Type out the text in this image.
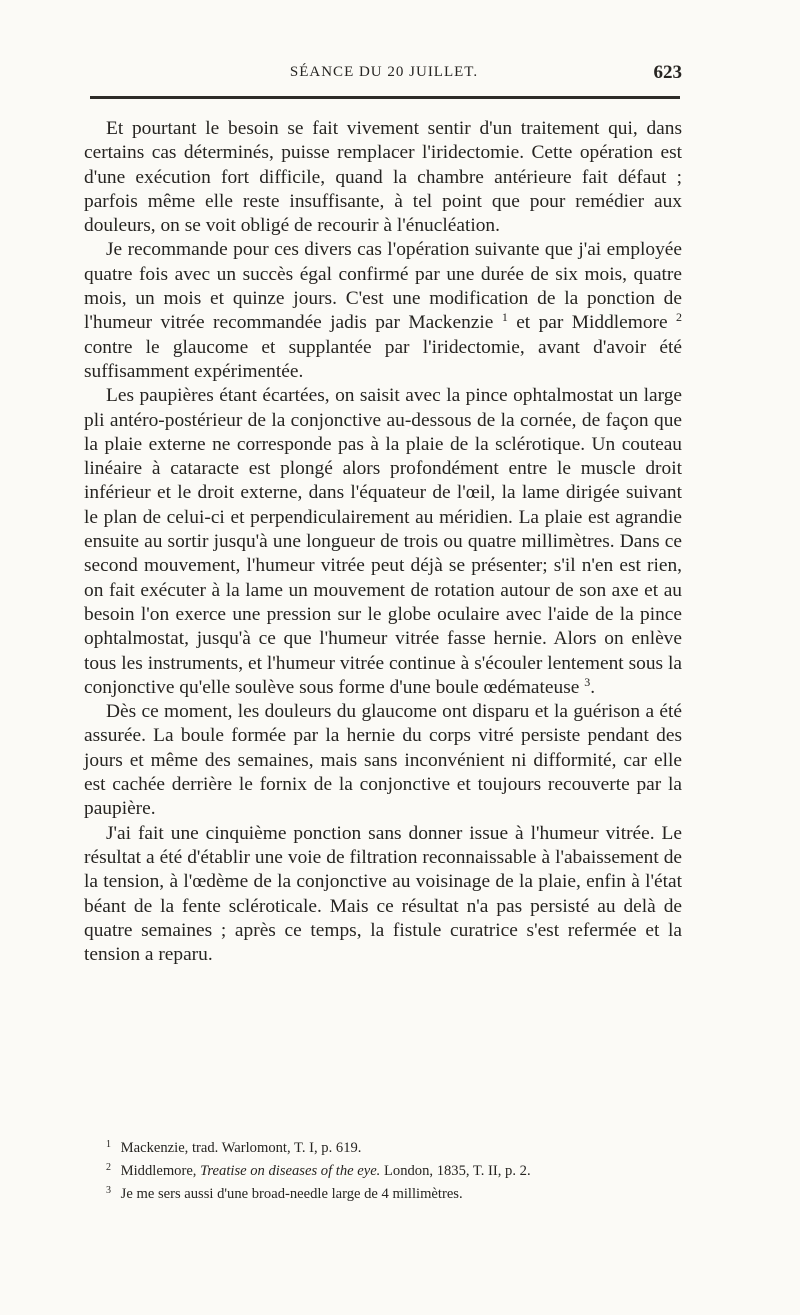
SÉANCE DU 20 JUILLET.	623

Et pourtant le besoin se fait vivement sentir d'un traitement qui, dans certains cas déterminés, puisse remplacer l'iridectomie. Cette opération est d'une exécution fort difficile, quand la chambre antérieure fait défaut ; parfois même elle reste insuffisante, à tel point que pour remédier aux douleurs, on se voit obligé de recourir à l'énucléation.

Je recommande pour ces divers cas l'opération suivante que j'ai employée quatre fois avec un succès égal confirmé par une durée de six mois, quatre mois, un mois et quinze jours. C'est une modification de la ponction de l'humeur vitrée recommandée jadis par Mackenzie $^1$ et par Middlemore $^2$ contre le glaucome et supplantée par l'iridectomie, avant d'avoir été suffisamment expérimentée.

Les paupières étant écartées, on saisit avec la pince ophtalmostat un large pli antéro-postérieur de la conjonctive au-dessous de la cornée, de façon que la plaie externe ne corresponde pas à la plaie de la sclérotique. Un couteau linéaire à cataracte est plongé alors profondément entre le muscle droit inférieur et le droit externe, dans l'équateur de l'œil, la lame dirigée suivant le plan de celui-ci et perpendiculairement au méridien. La plaie est agrandie ensuite au sortir jusqu'à une longueur de trois ou quatre millimètres. Dans ce second mouvement, l'humeur vitrée peut déjà se présenter; s'il n'en est rien, on fait exécuter à la lame un mouvement de rotation autour de son axe et au besoin l'on exerce une pression sur le globe oculaire avec l'aide de la pince ophtalmostat, jusqu'à ce que l'humeur vitrée fasse hernie. Alors on enlève tous les instruments, et l'humeur vitrée continue à s'écouler lentement sous la conjonctive qu'elle soulève sous forme d'une boule œdémateuse $^3$.

Dès ce moment, les douleurs du glaucome ont disparu et la guérison a été assurée. La boule formée par la hernie du corps vitré persiste pendant des jours et même des semaines, mais sans inconvénient ni difformité, car elle est cachée derrière le fornix de la conjonctive et toujours recouverte par la paupière.

J'ai fait une cinquième ponction sans donner issue à l'humeur vitrée. Le résultat a été d'établir une voie de filtration reconnaissable à l'abaissement de la tension, à l'œdème de la conjonctive au voisinage de la plaie, enfin à l'état béant de la fente scléroticale. Mais ce résultat n'a pas persisté au delà de quatre semaines ; après ce temps, la fistule curatrice s'est refermée et la tension a reparu.

1 Mackenzie, trad. Warlomont, T. I, p. 619.
2 Middlemore, Treatise on diseases of the eye. London, 1835, T. II, p. 2.
3 Je me sers aussi d'une broad-needle large de 4 millimètres.
